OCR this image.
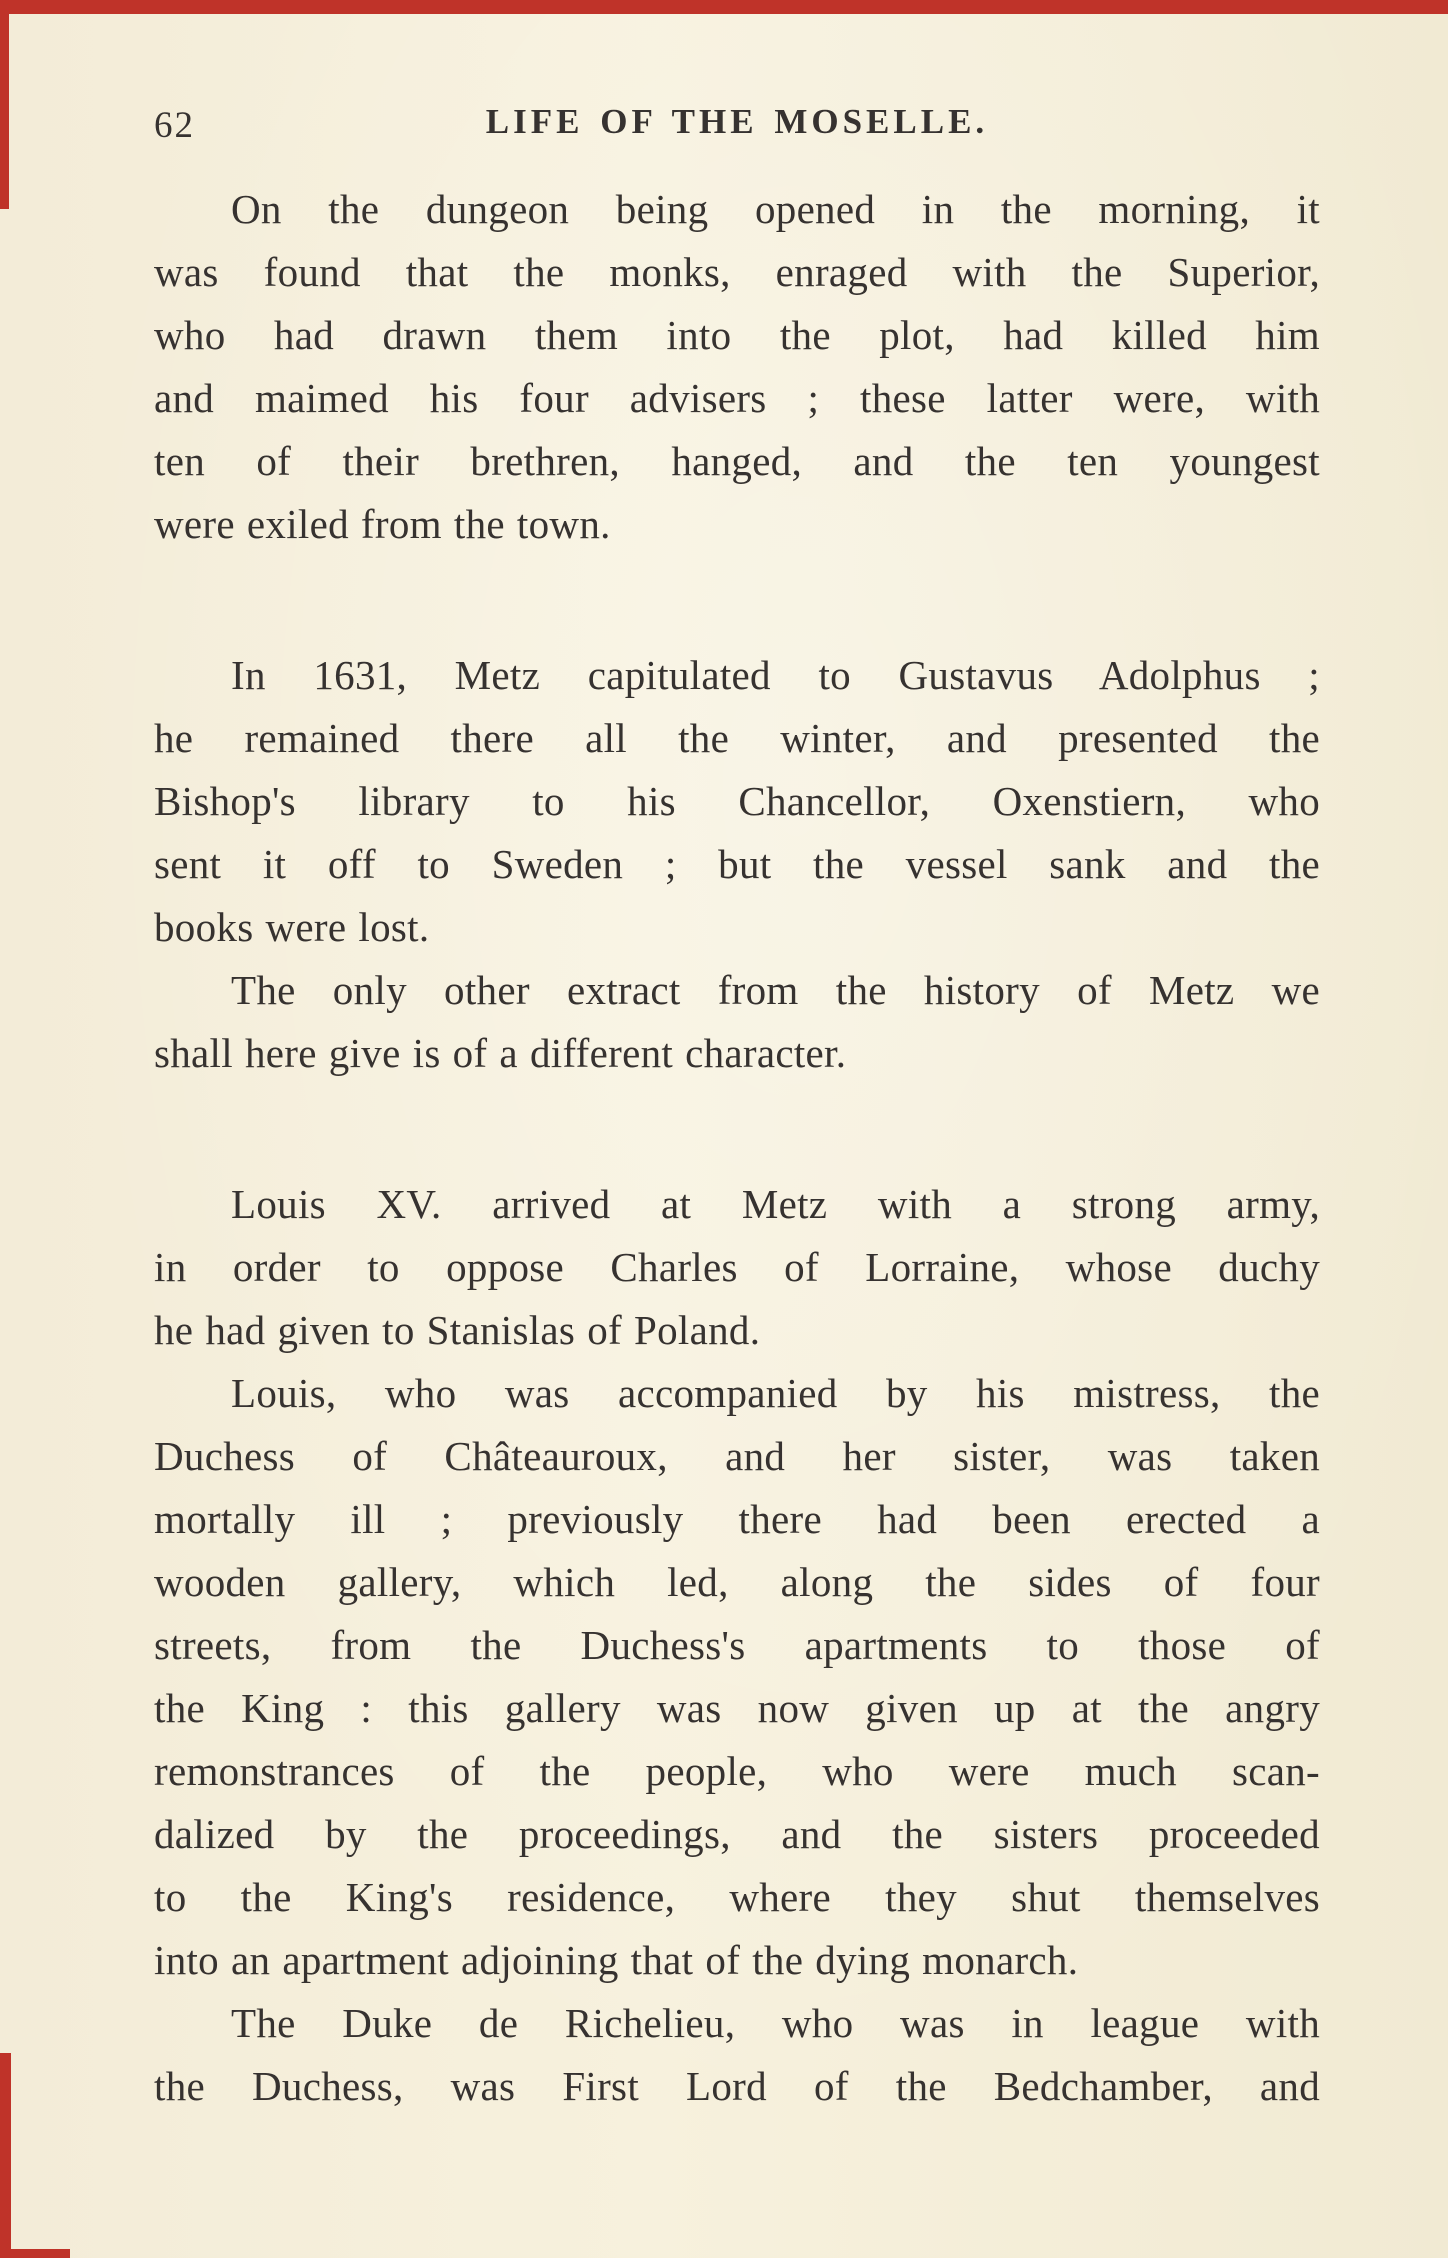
62	LIFE OF THE MOSELLE.
On the dungeon being opened in the morning, it
was found that the monks, enraged with the Superior,
who had drawn them into the plot, had killed him
and maimed his four advisers ; these latter were, with
ten of their brethren, hanged, and the ten youngest
were exiled from the town.
In 1631, Metz capitulated to Gustavus Adolphus ;
he remained there all the winter, and presented the
Bishop's library to his Chancellor, Oxenstiern, who
sent it off to Sweden ; but the vessel sank and the
books were lost.
The only other extract from the history of Metz we
shall here give is of a different character.
Louis XV. arrived at Metz with a strong army,
in order to oppose Charles of Lorraine, whose duchy
he had given to Stanislas of Poland.
Louis, who was accompanied by his mistress, the
Duchess of Châteauroux, and her sister, was taken
mortally ill ; previously there had been erected a
wooden gallery, which led, along the sides of four
streets, from the Duchess's apartments to those of
the King : this gallery was now given up at the angry
remonstrances of the people, who were much scan-
dalized by the proceedings, and the sisters proceeded
to the King's residence, where they shut themselves
into an apartment adjoining that of the dying monarch.
The Duke de Richelieu, who was in league with
the Duchess, was First Lord of the Bedchamber, and
